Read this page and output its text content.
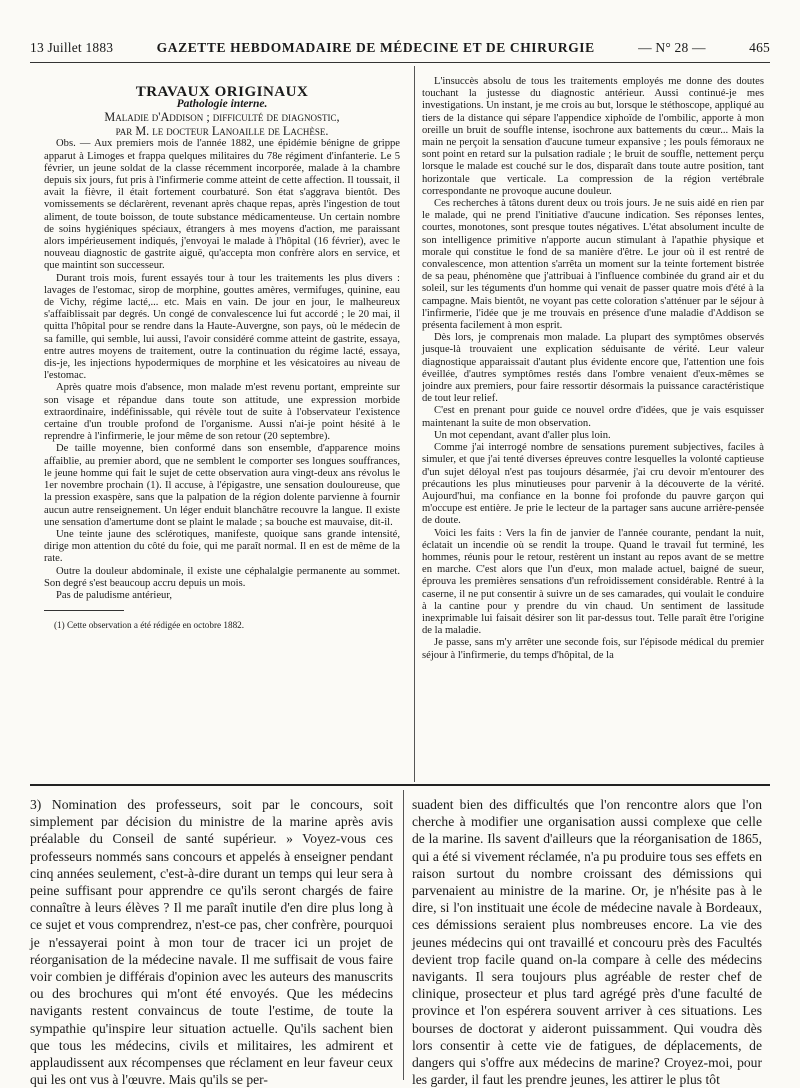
13 Juillet 1883	GAZETTE HEBDOMADAIRE DE MÉDECINE ET DE CHIRURGIE	— N° 28 —	465

TRAVAUX ORIGINAUX

Pathologie interne.

Maladie d'Addison ; difficulté de diagnostic,
par M. le docteur Lanoaille de Lachèse.

Obs. — Aux premiers mois de l'année 1882, une épidémie bénigne de grippe apparut à Limoges et frappa quelques militaires du 78e régiment d'infanterie. Le 5 février, un jeune soldat de la classe récemment incorporée, malade à la chambre depuis six jours, fut pris à l'infirmerie comme atteint de cette affection. Il toussait, il avait la fièvre, il était fortement courbaturé. Son état s'aggrava bientôt. Des vomissements se déclarèrent, revenant après chaque repas, après l'ingestion de tout aliment, de toute boisson, de toute substance médicamenteuse. Un certain nombre de soins hygiéniques spéciaux, étrangers à mes moyens d'action, me paraissant alors impérieusement indiqués, j'envoyai le malade à l'hôpital (16 février), avec le nouveau diagnostic de gastrite aiguë, qu'accepta mon confrère alors en service, et que maintint son successeur.

Durant trois mois, furent essayés tour à tour les traitements les plus divers : lavages de l'estomac, sirop de morphine, gouttes amères, vermifuges, quinine, eau de Vichy, régime lacté,... etc. Mais en vain. De jour en jour, le malheureux s'affaiblissait par degrés. Un congé de convalescence lui fut accordé ; le 20 mai, il quitta l'hôpital pour se rendre dans la Haute-Auvergne, son pays, où le médecin de sa famille, qui semble, lui aussi, l'avoir considéré comme atteint de gastrite, essaya, entre autres moyens de traitement, outre la continuation du régime lacté, essaya, dis-je, les injections hypodermiques de morphine et les vésicatoires au niveau de l'estomac.

Après quatre mois d'absence, mon malade m'est revenu portant, empreinte sur son visage et répandue dans toute son attitude, une expression morbide extraordinaire, indéfinissable, qui révèle tout de suite à l'observateur l'existence certaine d'un trouble profond de l'organisme. Aussi n'ai-je point hésité à le reprendre à l'infirmerie, le jour même de son retour (20 septembre).

De taille moyenne, bien conformé dans son ensemble, d'apparence moins affaiblie, au premier abord, que ne semblent le comporter ses longues souffrances, le jeune homme qui fait le sujet de cette observation aura vingt-deux ans révolus le 1er novembre prochain (1). Il accuse, à l'épigastre, une sensation douloureuse, que la pression exaspère, sans que la palpation de la région dolente parvienne à fournir aucun autre renseignement. Un léger enduit blanchâtre recouvre la langue. Il existe une sensation d'amertume dont se plaint le malade ; sa bouche est mauvaise, dit-il.

Une teinte jaune des sclérotiques, manifeste, quoique sans grande intensité, dirige mon attention du côté du foie, qui me paraît normal. Il en est de même de la rate.

Outre la douleur abdominale, il existe une céphalalgie permanente au sommet. Son degré s'est beaucoup accru depuis un mois.

Pas de paludisme antérieur,

(1) Cette observation a été rédigée en octobre 1882.

L'insuccès absolu de tous les traitements employés me donne des doutes touchant la justesse du diagnostic antérieur. Aussi continué-je mes investigations. Un instant, je me crois au but, lorsque le stéthoscope, appliqué au tiers de la distance qui sépare l'appendice xiphoïde de l'ombilic, apporte à mon oreille un bruit de souffle intense, isochrone aux battements du cœur... Mais la main ne perçoit la sensation d'aucune tumeur expansive ; les pouls fémoraux ne sont point en retard sur la pulsation radiale ; le bruit de souffle, nettement perçu lorsque le malade est couché sur le dos, disparaît dans toute autre position, tant horizontale que verticale. La compression de la région vertébrale correspondante ne provoque aucune douleur.

Ces recherches à tâtons durent deux ou trois jours. Je ne suis aidé en rien par le malade, qui ne prend l'initiative d'aucune indication. Ses réponses lentes, courtes, monotones, sont presque toutes négatives. L'état absolument inculte de son intelligence primitive n'apporte aucun stimulant à l'apathie physique et morale qui constitue le fond de sa manière d'être. Le jour où il est rentré de convalescence, mon attention s'arrêta un moment sur la teinte fortement bistrée de sa peau, phénomène que j'attribuai à l'influence combinée du grand air et du soleil, sur les téguments d'un homme qui venait de passer quatre mois d'été à la campagne. Mais bientôt, ne voyant pas cette coloration s'atténuer par le séjour à l'infirmerie, l'idée que je me trouvais en présence d'une maladie d'Addison se présenta facilement à mon esprit.

Dès lors, je comprenais mon malade. La plupart des symptômes observés jusque-là trouvaient une explication séduisante de vérité. Leur valeur diagnostique apparaissait d'autant plus évidente encore que, l'attention une fois éveillée, d'autres symptômes restés dans l'ombre venaient d'eux-mêmes se joindre aux premiers, pour faire ressortir désormais la puissance caractéristique de tout leur relief.

C'est en prenant pour guide ce nouvel ordre d'idées, que je vais esquisser maintenant la suite de mon observation.

Un mot cependant, avant d'aller plus loin.

Comme j'ai interrogé nombre de sensations purement subjectives, faciles à simuler, et que j'ai tenté diverses épreuves contre lesquelles la volonté captieuse d'un sujet déloyal n'est pas toujours désarmée, j'ai cru devoir m'entourer des précautions les plus minutieuses pour parvenir à la découverte de la vérité. Aujourd'hui, ma confiance en la bonne foi profonde du pauvre garçon qui m'occupe est entière. Je prie le lecteur de la partager sans aucune arrière-pensée de doute.

Voici les faits : Vers la fin de janvier de l'année courante, pendant la nuit, éclatait un incendie où se rendit la troupe. Quand le travail fut terminé, les hommes, réunis pour le retour, restèrent un instant au repos avant de se mettre en marche. C'est alors que l'un d'eux, mon malade actuel, baigné de sueur, éprouva les premières sensations d'un refroidissement considérable. Rentré à la caserne, il ne put consentir à suivre un de ses camarades, qui voulait le conduire à la cantine pour y prendre du vin chaud. Un sentiment de lassitude inexprimable lui faisait désirer son lit par-dessus tout. Telle paraît être l'origine de la maladie.

Je passe, sans m'y arrêter une seconde fois, sur l'épisode médical du premier séjour à l'infirmerie, du temps d'hôpital, de la

3) Nomination des professeurs, soit par le concours, soit simplement par décision du ministre de la marine après avis préalable du Conseil de santé supérieur. » Voyez-vous ces professeurs nommés sans concours et appelés à enseigner pendant cinq années seulement, c'est-à-dire durant un temps qui leur sera à peine suffisant pour apprendre ce qu'ils seront chargés de faire connaître à leurs élèves ? Il me paraît inutile d'en dire plus long à ce sujet et vous comprendrez, n'est-ce pas, cher confrère, pourquoi je n'essayerai point à mon tour de tracer ici un projet de réorganisation de la médecine navale. Il me suffisait de vous faire voir combien je différais d'opinion avec les auteurs des manuscrits ou des brochures qui m'ont été envoyés. Que les médecins navigants restent convaincus de toute l'estime, de toute la sympathie qu'inspire leur situation actuelle. Qu'ils sachent bien que tous les médecins, civils et militaires, les admirent et applaudissent aux récompenses que réclament en leur faveur ceux qui les ont vus à l'œuvre. Mais qu'ils se per-

suadent bien des difficultés que l'on rencontre alors que l'on cherche à modifier une organisation aussi complexe que celle de la marine. Ils savent d'ailleurs que la réorganisation de 1865, qui a été si vivement réclamée, n'a pu produire tous ses effets en raison surtout du nombre croissant des démissions qui parvenaient au ministre de la marine. Or, je n'hésite pas à le dire, si l'on instituait une école de médecine navale à Bordeaux, ces démissions seraient plus nombreuses encore. La vie des jeunes médecins qui ont travaillé et concouru près des Facultés devient trop facile quand on-la compare à celle des médecins navigants. Il sera toujours plus agréable de rester chef de clinique, prosecteur et plus tard agrégé près d'une faculté de province et l'on espérera souvent arriver à ces situations. Les bourses de doctorat y aideront puissamment. Qui voudra dès lors consentir à cette vie de fatigues, de déplacements, de dangers qui s'offre aux médecins de marine? Croyez-moi, pour les garder, il faut les prendre jeunes, les attirer le plus tôt
